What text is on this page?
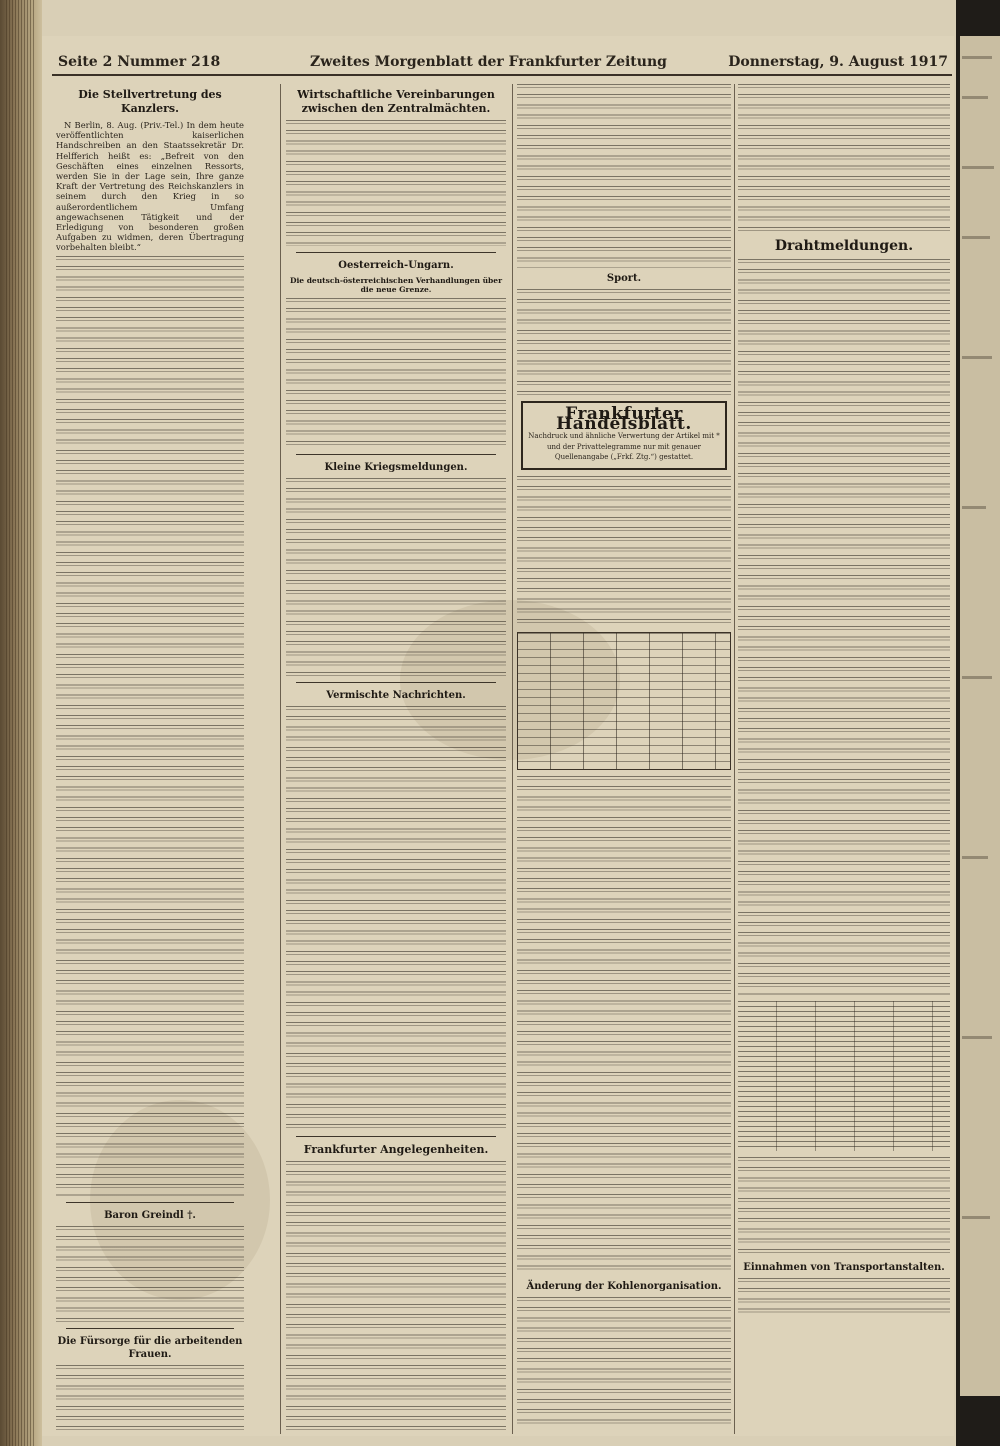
Seite 2 Nummer 218	Zweites Morgenblatt der Frankfurter Zeitung	Donnerstag, 9. August 1917
Die Stellvertretung des Kanzlers.
N Berlin, 8. Aug. (Priv.-Tel.) In dem heute veröffentlichten kaiserlichen Handschreiben an den Staatssekretär Dr. Helfferich heißt es: „Befreit von den Geschäften eines einzelnen Ressorts, werden Sie in der Lage sein, Ihre ganze Kraft der Vertretung des Reichskanzlers in seinem durch den Krieg in so außerordentlichem Umfang angewachsenen Tätigkeit und der Erledigung von besonderen großen Aufgaben zu widmen, deren Übertragung vorbehalten bleibt.“
Baron Greindl †.
Die Fürsorge für die arbeitenden Frauen.
Wirtschaftliche Vereinbarungen zwischen den Zentralmächten.
Oesterreich-Ungarn.
Die deutsch-österreichischen Verhandlungen über die neue Grenze.
Kleine Kriegsmeldungen.
Vermischte Nachrichten.
Frankfurter Angelegenheiten.
Sport.
Frankfurter Handelsblatt.
Nachdruck und ähnliche Verwertung der Artikel mit * und der Privattelegramme nur mit genauer Quellenangabe („Frkf. Ztg.“) gestattet.
Änderung der Kohlenorganisation.
Drahtmeldungen.
Einnahmen von Transportanstalten.
